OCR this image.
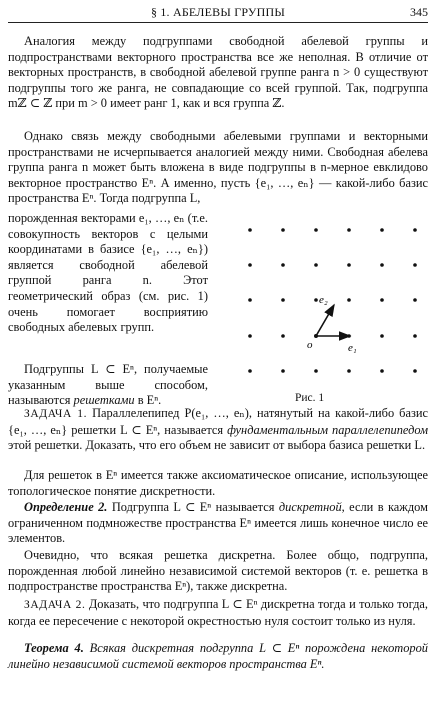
§ 1. АБЕЛЕВЫ ГРУППЫ	345

Аналогия между подгруппами свободной абелевой группы и подпространствами векторного пространства все же неполная. В отличие от векторных пространств, в свободной абелевой группе ранга n > 0 существуют подгруппы того же ранга, не совпадающие со всей группой. Так, подгруппа mℤ ⊂ ℤ при m > 0 имеет ранг 1, как и вся группа ℤ.

Однако связь между свободными абелевыми группами и векторными пространствами не исчерпывается аналогией между ними. Свободная абелева группа ранга n может быть вложена в виде подгруппы в n-мерное евклидово векторное пространство Eⁿ. А именно, пусть {e₁, …, eₙ} — какой-либо базис пространства Eⁿ. Тогда подгруппа L,

порожденная векторами e₁, …, eₙ (т.е. совокупность векторов с целыми координатами в базисе {e₁, …, eₙ}) является свободной абелевой группой ранга n. Этот геометрический образ (см. рис. 1) очень помогает восприятию свободных абелевых групп.

Подгруппы L ⊂ Eⁿ, получаемые указанным выше способом, называются решетками в Eⁿ.

e₁
e₂
o
Рис. 1

ЗАДАЧА 1. Параллелепипед P(e₁, …, eₙ), натянутый на какой-либо базис {e₁, …, eₙ} решетки L ⊂ Eⁿ, называется фундаментальным параллелепипедом этой решетки. Доказать, что его объем не зависит от выбора базиса решетки L.

Для решеток в Eⁿ имеется также аксиоматическое описание, использующее топологическое понятие дискретности.

Определение 2. Подгруппа L ⊂ Eⁿ называется дискретной, если в каждом ограниченном подмножестве пространства Eⁿ имеется лишь конечное число ее элементов.

Очевидно, что всякая решетка дискретна. Более общо, подгруппа, порожденная любой линейно независимой системой векторов (т. е. решетка в подпространстве пространства Eⁿ), также дискретна.

ЗАДАЧА 2. Доказать, что подгруппа L ⊂ Eⁿ дискретна тогда и только тогда, когда ее пересечение с некоторой окрестностью нуля состоит только из нуля.

Теорема 4. Всякая дискретная подгруппа L ⊂ Eⁿ порождена некоторой линейно независимой системой векторов пространства Eⁿ.
